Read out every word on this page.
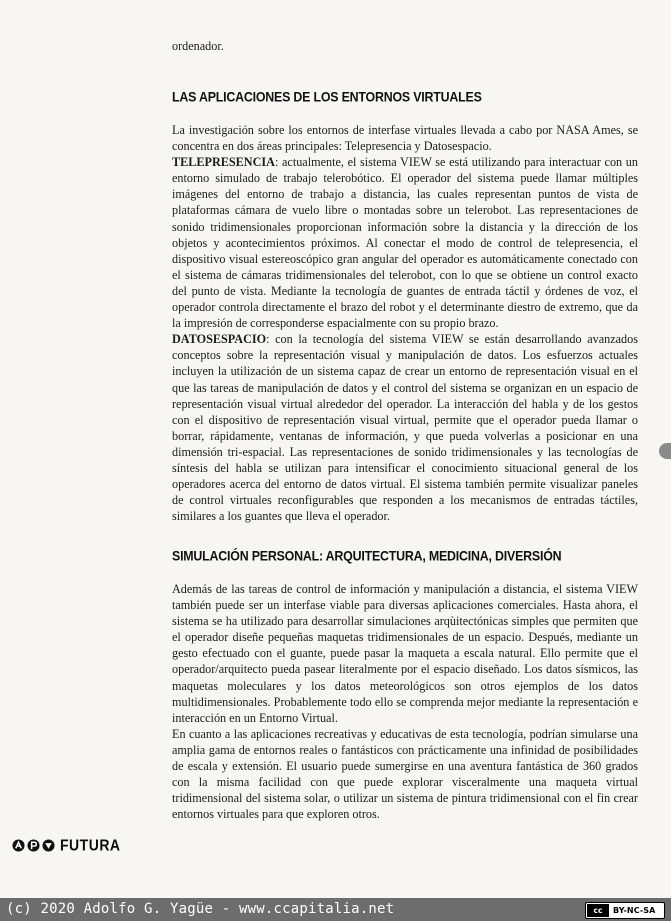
ordenador.

LAS APLICACIONES DE LOS ENTORNOS VIRTUALES

La investigación sobre los entornos de interfase virtuales llevada a cabo por NASA Ames, se concentra en dos áreas principales: Telepresencia y Datosespacio.

TELEPRESENCIA: actualmente, el sistema VIEW se está utilizando para interactuar con un entorno simulado de trabajo telerobótico. El operador del sistema puede llamar múltiples imágenes del entorno de trabajo a distancia, las cuales representan puntos de vista de plataformas cámara de vuelo libre o montadas sobre un telerobot. Las representaciones de sonido tridimensionales proporcionan información sobre la distancia y la dirección de los objetos y acontecimientos próximos. Al conectar el modo de control de telepresencia, el dispositivo visual estereoscópico gran angular del operador es automáticamente conectado con el sistema de cámaras tridimensionales del telerobot, con lo que se obtiene un control exacto del punto de vista. Mediante la tecnología de guantes de entrada táctil y órdenes de voz, el operador controla directamente el brazo del robot y el determinante diestro de extremo, que da la impresión de corresponderse espacialmente con su propio brazo.

DATOSESPACIO: con la tecnología del sistema VIEW se están desarrollando avanzados conceptos sobre la representación visual y manipulación de datos. Los esfuerzos actuales incluyen la utilización de un sistema capaz de crear un entorno de representación visual en el que las tareas de manipulación de datos y el control del sistema se organizan en un espacio de representación visual virtual alrededor del operador. La interacción del habla y de los gestos con el dispositivo de representación visual virtual, permite que el operador pueda llamar o borrar, rápidamente, ventanas de información, y que pueda volverlas a posicionar en una dimensión tri-espacial. Las representaciones de sonido tridimensionales y las tecnologías de síntesis del habla se utilizan para intensificar el conocimiento situacional general de los operadores acerca del entorno de datos virtual. El sistema también permite visualizar paneles de control virtuales reconfigurables que responden a los mecanismos de entradas táctiles, similares a los guantes que lleva el operador.

SIMULACIÓN PERSONAL: ARQUITECTURA, MEDICINA, DIVERSIÓN

Además de las tareas de control de información y manipulación a distancia, el sistema VIEW también puede ser un interfase viable para diversas aplicaciones comerciales. Hasta ahora, el sistema se ha utilizado para desarrollar simulaciones arqùitectónicas simples que permiten que el operador diseñe pequeñas maquetas tridimensionales de un espacio. Después, mediante un gesto efectuado con el guante, puede pasar la maqueta a escala natural. Ello permite que el operador/arquitecto pueda pasear literalmente por el espacio diseñado. Los datos sísmicos, las maquetas moleculares y los datos meteorológicos son otros ejemplos de los datos multidimensionales. Probablemente todo ello se comprenda mejor mediante la representación e interacción en un Entorno Virtual.

En cuanto a las aplicaciones recreativas y educativas de esta tecnología, podrían simularse una amplia gama de entornos reales o fantásticos con prácticamente una infinidad de posibilidades de escala y extensión. El usuario puede sumergirse en una aventura fantástica de 360 grados con la misma facilidad con que puede explorar visceralmente una maqueta virtual tridimensional del sistema solar, o utilizar un sistema de pintura tridimensional con el fin crear entornos virtuales para que exploren otros.

FUTURA
(c) 2020 Adolfo G. Yagüe - www.ccapitalia.net	cc	BY-NC-SA
